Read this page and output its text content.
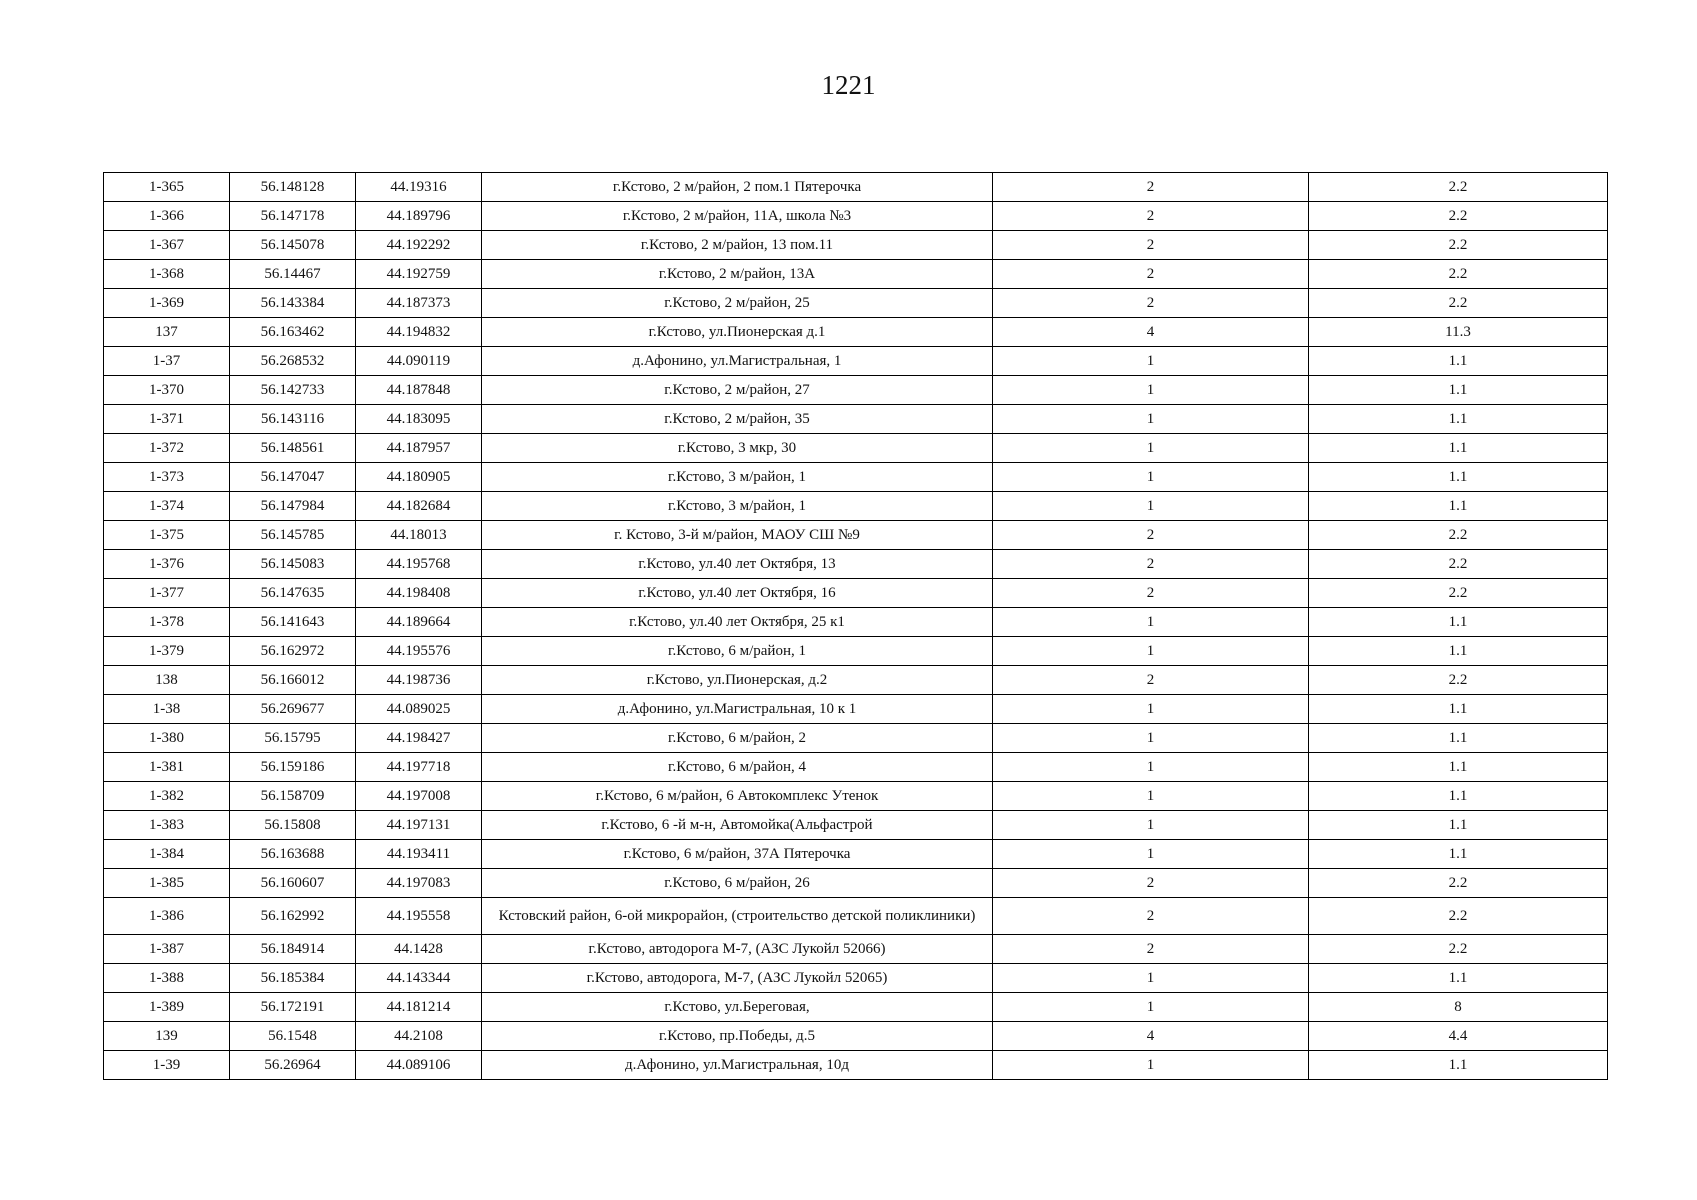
1221
1-365	56.148128	44.19316	г.Кстово, 2 м/район, 2 пом.1 Пятерочка	2	2.2
1-366	56.147178	44.189796	г.Кстово, 2 м/район, 11А, школа №3	2	2.2
1-367	56.145078	44.192292	г.Кстово, 2 м/район, 13 пом.11	2	2.2
1-368	56.14467	44.192759	г.Кстово, 2 м/район, 13А	2	2.2
1-369	56.143384	44.187373	г.Кстово, 2 м/район, 25	2	2.2
137	56.163462	44.194832	г.Кстово, ул.Пионерская д.1	4	11.3
1-37	56.268532	44.090119	д.Афонино, ул.Магистральная, 1	1	1.1
1-370	56.142733	44.187848	г.Кстово, 2 м/район, 27	1	1.1
1-371	56.143116	44.183095	г.Кстово, 2 м/район, 35	1	1.1
1-372	56.148561	44.187957	г.Кстово, 3 мкр, 30	1	1.1
1-373	56.147047	44.180905	г.Кстово, 3 м/район, 1	1	1.1
1-374	56.147984	44.182684	г.Кстово, 3 м/район, 1	1	1.1
1-375	56.145785	44.18013	г. Кстово, 3-й м/район, МАОУ СШ №9	2	2.2
1-376	56.145083	44.195768	г.Кстово, ул.40 лет Октября, 13	2	2.2
1-377	56.147635	44.198408	г.Кстово, ул.40 лет Октября, 16	2	2.2
1-378	56.141643	44.189664	г.Кстово, ул.40 лет Октября, 25 к1	1	1.1
1-379	56.162972	44.195576	г.Кстово, 6 м/район, 1	1	1.1
138	56.166012	44.198736	г.Кстово, ул.Пионерская, д.2	2	2.2
1-38	56.269677	44.089025	д.Афонино, ул.Магистральная, 10 к 1	1	1.1
1-380	56.15795	44.198427	г.Кстово, 6 м/район, 2	1	1.1
1-381	56.159186	44.197718	г.Кстово, 6 м/район, 4	1	1.1
1-382	56.158709	44.197008	г.Кстово, 6 м/район, 6 Автокомплекс Утенок	1	1.1
1-383	56.15808	44.197131	г.Кстово, 6 -й м-н, Автомойка(Альфастрой	1	1.1
1-384	56.163688	44.193411	г.Кстово, 6 м/район, 37А Пятерочка	1	1.1
1-385	56.160607	44.197083	г.Кстово, 6 м/район, 26	2	2.2
1-386	56.162992	44.195558	Кстовский район, 6-ой микрорайон, (строительство детской поликлиники)	2	2.2
1-387	56.184914	44.1428	г.Кстово, автодорога М-7, (АЗС Лукойл 52066)	2	2.2
1-388	56.185384	44.143344	г.Кстово, автодорога, М-7, (АЗС Лукойл 52065)	1	1.1
1-389	56.172191	44.181214	г.Кстово, ул.Береговая,	1	8
139	56.1548	44.2108	г.Кстово, пр.Победы, д.5	4	4.4
1-39	56.26964	44.089106	д.Афонино, ул.Магистральная, 10д	1	1.1
